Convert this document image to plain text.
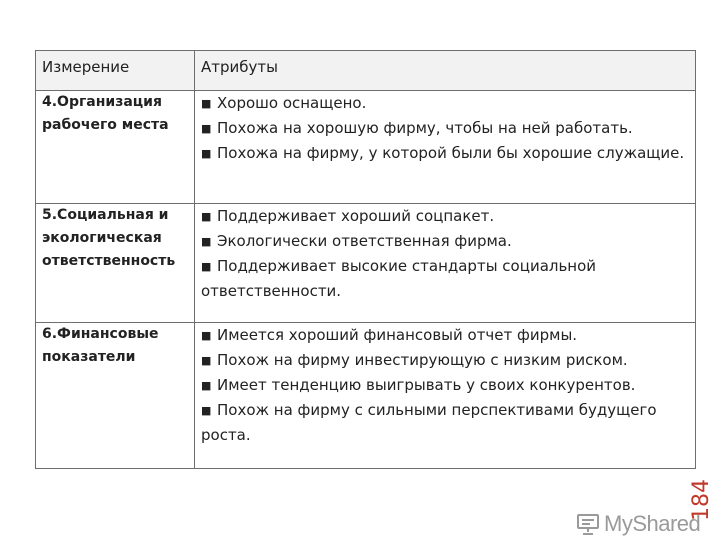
Измерение	Атрибуты
4.Организация рабочего места	■ Хорошо оснащено.
■ Похожа на хорошую фирму, чтобы на ней работать.
■ Похожа на фирму, у которой были бы хорошие служащие.

5.Социальная и экологическая ответственность	■ Поддерживает хороший соцпакет.
■ Экологически ответственная фирма.
■ Поддерживает высокие стандарты социальной ответственности.

6.Финансовые показатели	■ Имеется хороший финансовый отчет фирмы.
■ Похож на фирму инвестирующую с низким риском.
■ Имеет тенденцию выигрывать у своих конкурентов.
■ Похож на фирму с сильными перспективами будущего роста.
184
MyShared
